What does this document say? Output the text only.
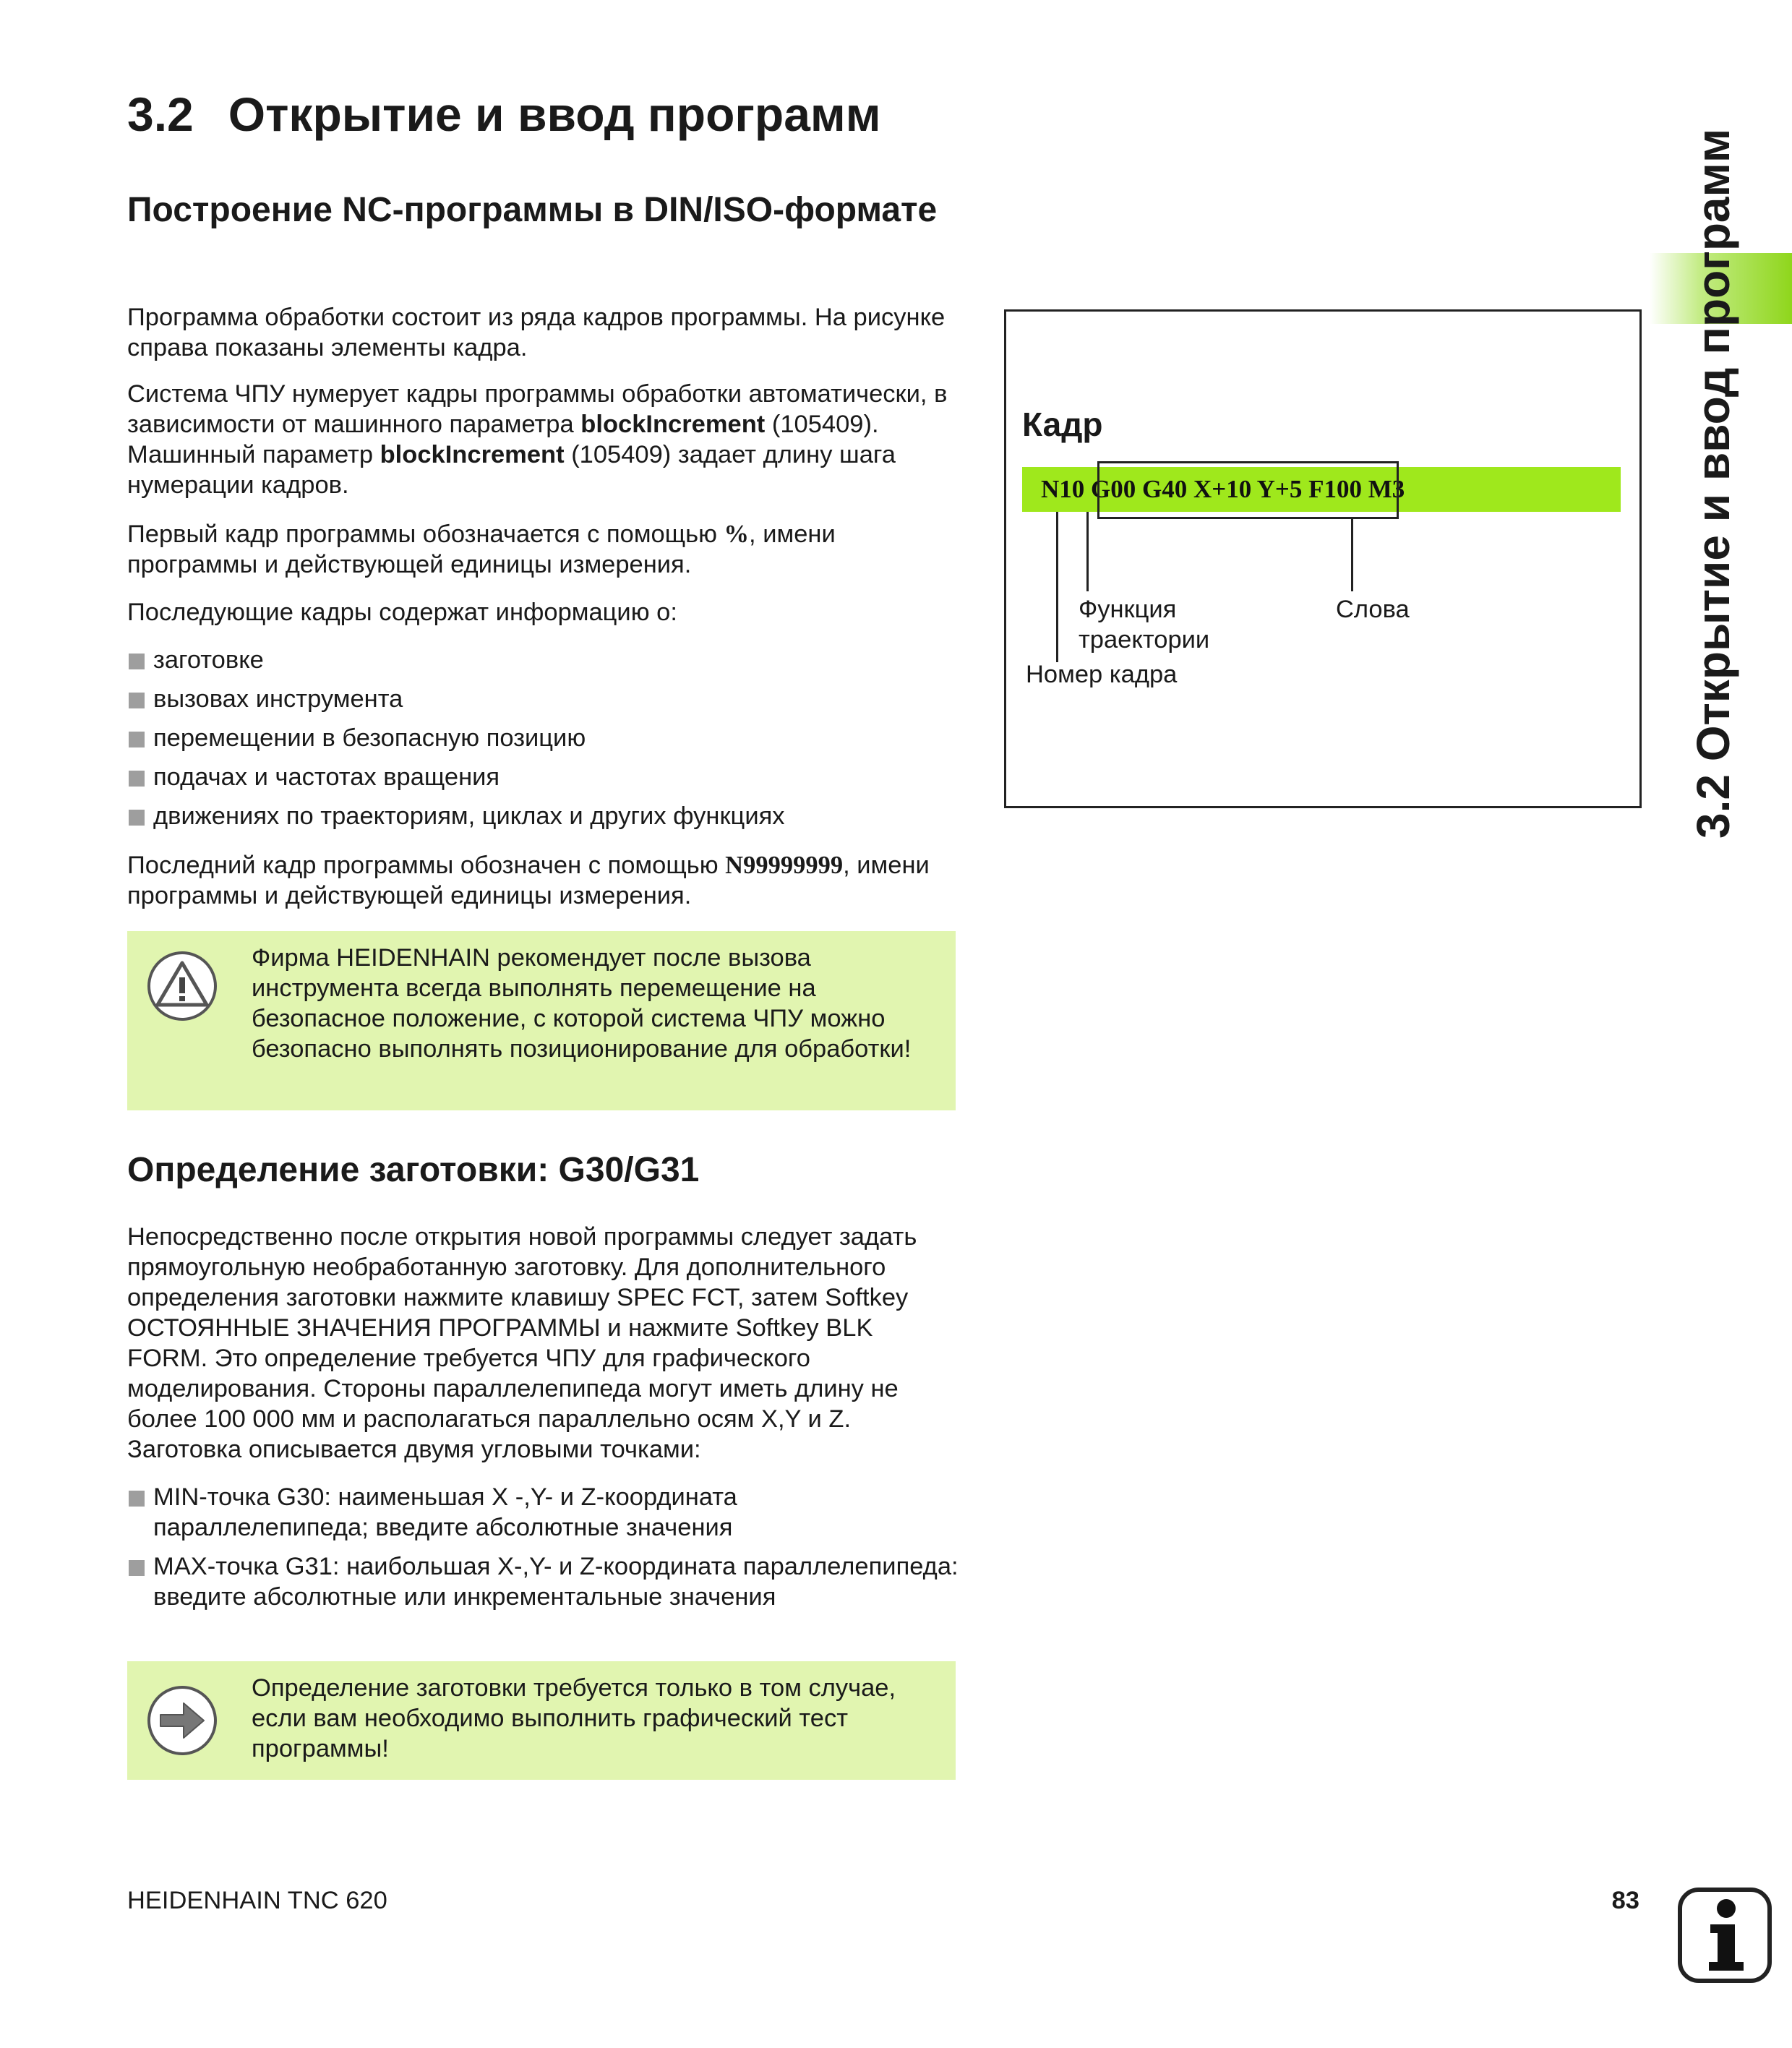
3.2 Открытие и ввод программ
Построение NC-программы в DIN/ISO-формате

Программа обработки состоит из ряда кадров программы. На рисунке справа показаны элементы кадра.

Система ЧПУ нумерует кадры программы обработки автоматически, в зависимости от машинного параметра blockIncrement (105409). Машинный параметр blockIncrement (105409) задает длину шага нумерации кадров.

Первый кадр программы обозначается с помощью %, имени программы и действующей единицы измерения.

Последующие кадры содержат информацию о:

заготовке
вызовах инструмента
перемещении в безопасную позицию
подачах и частотах вращения
движениях по траекториям, циклах и других функциях

Последний кадр программы обозначен с помощью N99999999, имени программы и действующей единицы измерения.

Фирма HEIDENHAIN рекомендует после вызова инструмента всегда выполнять перемещение на безопасное положение, с которой система ЧПУ можно безопасно выполнять позиционирование для обработки!

Определение заготовки: G30/G31

Непосредственно после открытия новой программы следует задать прямоугольную необработанную заготовку. Для дополнительного определения заготовки нажмите клавишу SPEC FCT, затем Softkey ОСТОЯННЫЕ ЗНАЧЕНИЯ ПРОГРАММЫ и нажмите Softkey BLK FORM. Это определение требуется ЧПУ для графического моделирования. Стороны параллелепипеда могут иметь длину не более 100 000 мм и располагаться параллельно осям X,Y и Z. Заготовка описывается двумя угловыми точками:

MIN-точка G30: наименьшая X -,Y- и Z-координата параллелепипеда; введите абсолютные значения
MAX-точка G31: наибольшая X-,Y- и Z-координата параллелепипеда: введите абсолютные или инкрементальные значения

Определение заготовки требуется только в том случае, если вам необходимо выполнить графический тест программы!

Кадр
N10 G00 G40 X+10 Y+5 F100 M3

Функция

траектории

Слова

Номер кадра	3.2 Открытие и ввод программ

HEIDENHAIN TNC 620	83
